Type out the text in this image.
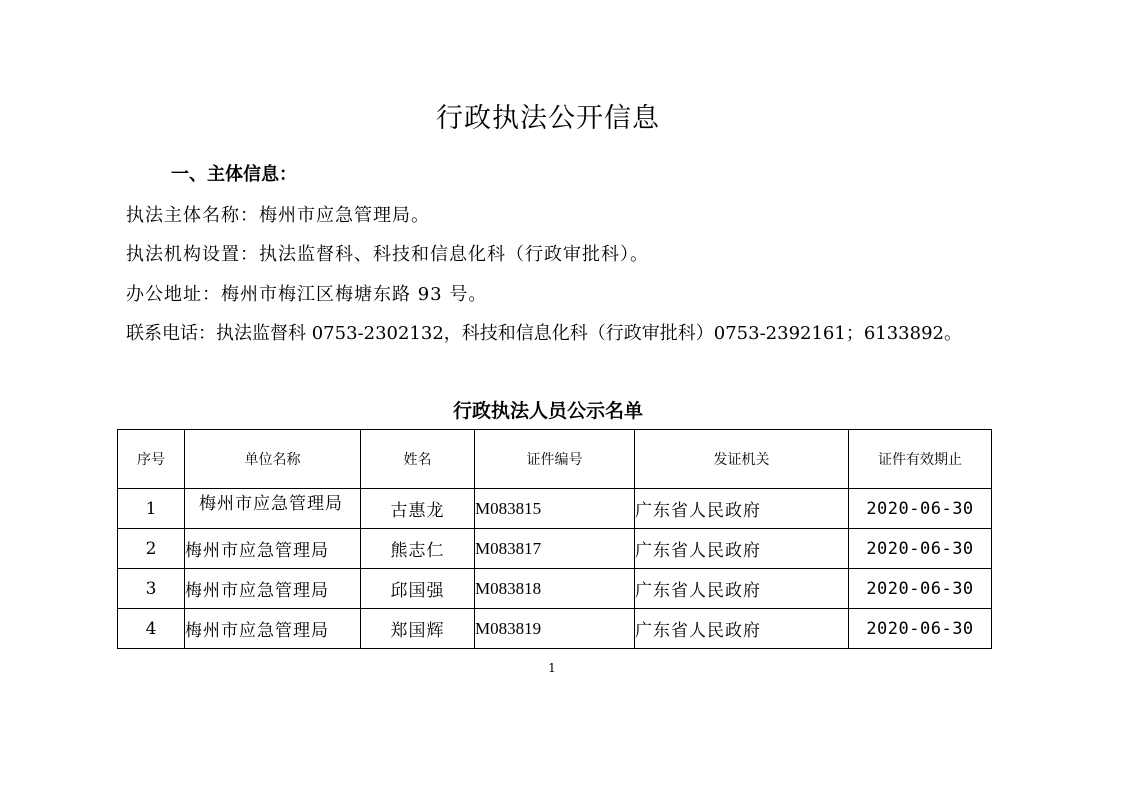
行政执法公开信息
一、主体信息：

执法主体名称：梅州市应急管理局。

执法机构设置：执法监督科、科技和信息化科（行政审批科）。

办公地址：梅州市梅江区梅塘东路 93 号。

联系电话：执法监督科 0753-2302132，科技和信息化科（行政审批科）0753-2392161；6133892。

行政执法人员公示名单
序号	单位名称	姓名	证件编号	发证机关	证件有效期止
1	梅州市应急管理局	古惠龙	M083815	广东省人民政府	2020-06-30
2	梅州市应急管理局	熊志仁	M083817	广东省人民政府	2020-06-30
3	梅州市应急管理局	邱国强	M083818	广东省人民政府	2020-06-30
4	梅州市应急管理局	郑国辉	M083819	广东省人民政府	2020-06-30
1
